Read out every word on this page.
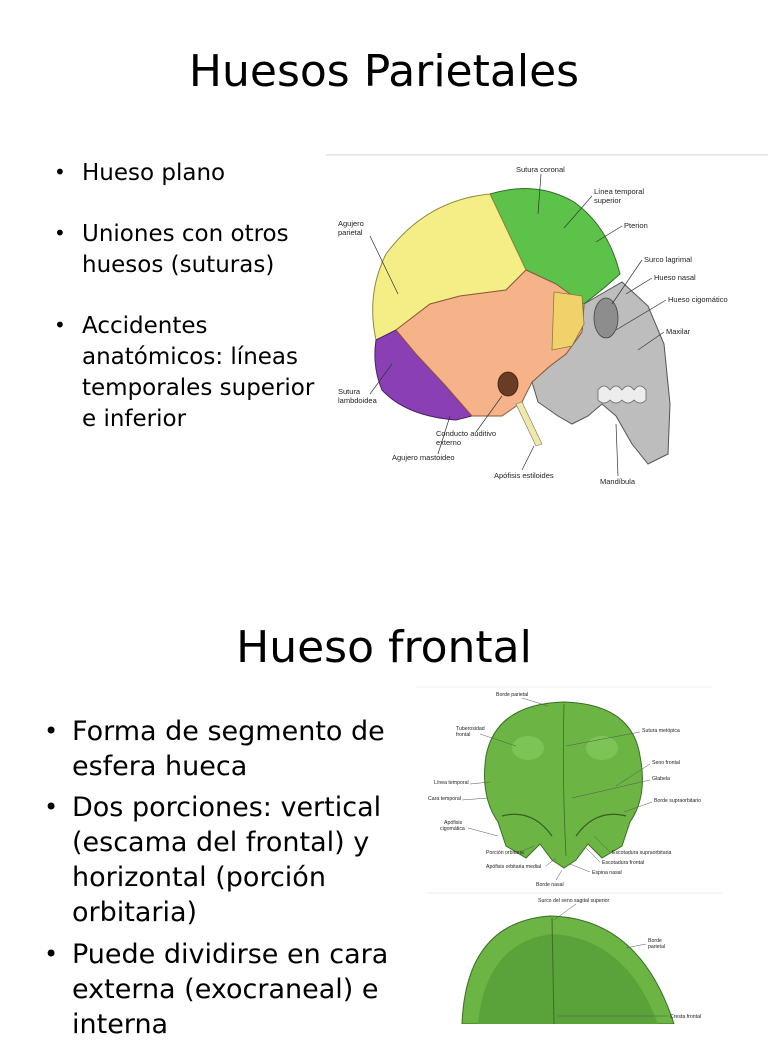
Huesos Parietales
• Hueso plano
• Uniones con otros huesos (suturas)
• Accidentes anatómicos: líneas temporales superior e inferior
Sutura coronal
Línea temporal
superior
Pterion
Agujero
parietal
Surco lagrimal
Hueso nasal
Hueso cigomático
Maxilar
Sutura
lambdoidea
Conducto auditivo
externo
Agujero mastoideo
Apófisis estiloides
Mandíbula
Hueso frontal
• Forma de segmento de esfera hueca
• Dos porciones: vertical (escama del frontal) y horizontal (porción orbitaria)
• Puede dividirse en cara externa (exocraneal) e interna
Borde parietal
Tuberosidad
frontal
Sutura metópica
Seno frontal
Glabela
Línea temporal
Borde supraorbitario
Cara temporal
Apófisis
cigomática
Escotadura supraorbitaria
Porción orbitaria
Escotadura frontal
Apófisis orbitaria medial
Espina nasal
Borde nasal
Surco del seno sagital superior
Borde
parietal
Cresta frontal
